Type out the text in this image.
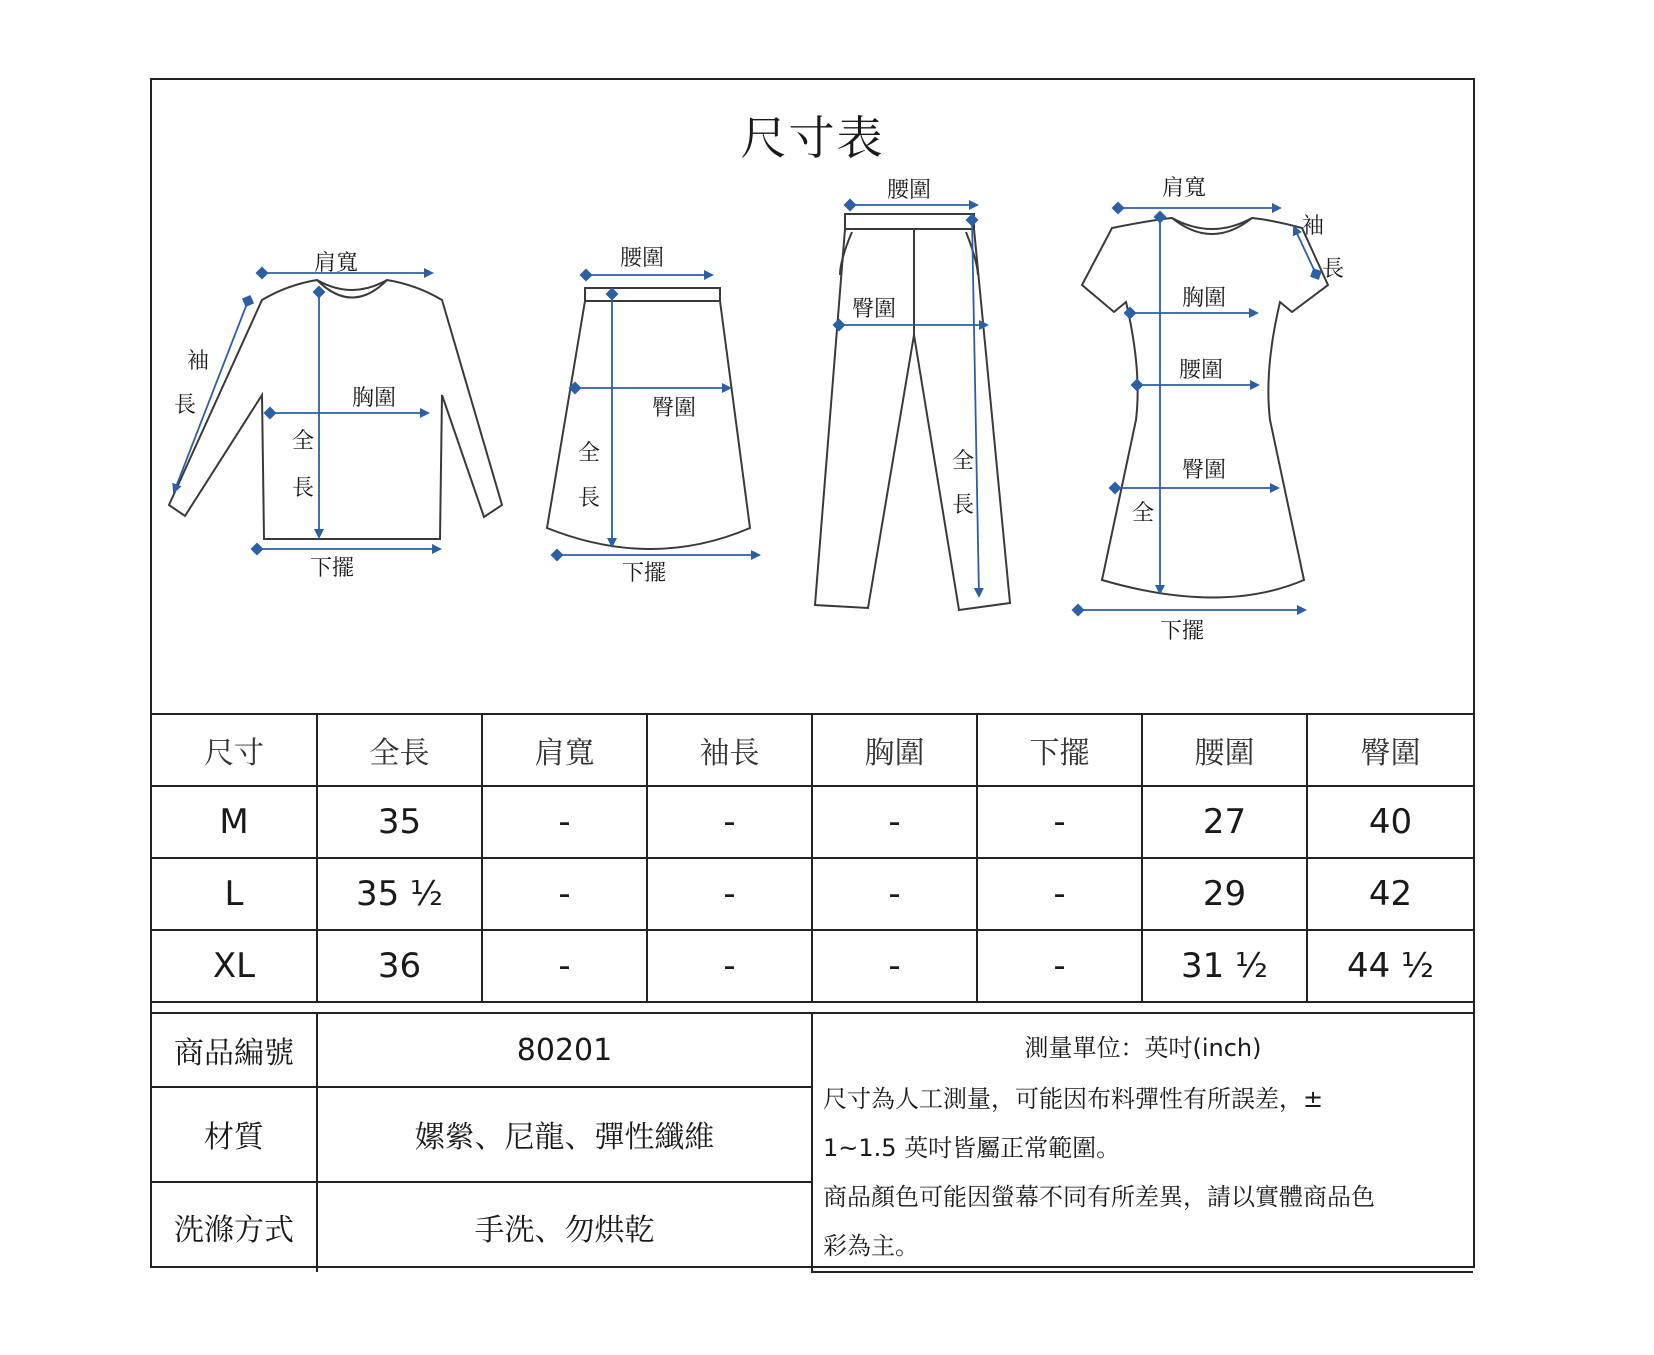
尺寸表
肩寬
袖
長	胸圍
全
長
下擺
腰圍
臀圍
全
長
下擺
腰圍
臀圍
全
長
肩寬
袖
長
胸圍
腰圍
臀圍
全
下擺
尺寸	全長	肩寬	袖長	胸圍	下擺	腰圍	臀圍
M	35	-	-	-	-	27	40
L	35 ½	-	-	-	-	29	42
XL	36	-	-	-	-	31 ½	44 ½
商品編號	80201	測量單位：英吋(inch)
尺寸為人工測量，可能因布料彈性有所誤差，±
1~1.5 英吋皆屬正常範圍。
商品顏色可能因螢幕不同有所差異，請以實體商品色
彩為主。

材質	嫘縈、尼龍、彈性纖維	
洗滌方式	手洗、勿烘乾	
